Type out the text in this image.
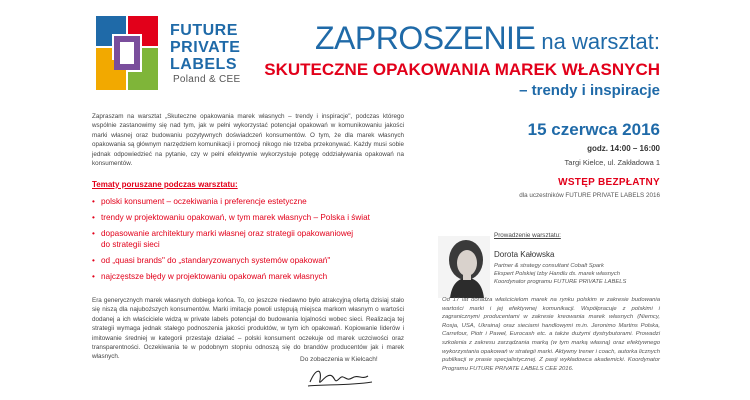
FUTURE
PRIVATE
LABELS
Poland & CEE
ZAPROSZENIE na warsztat:
SKUTECZNE OPAKOWANIA MAREK WŁASNYCH
– trendy i inspiracje
Zapraszam na warsztat „Skuteczne opakowania marek własnych – trendy i inspiracje", podczas którego wspólnie zastanowimy się nad tym, jak w pełni wykorzystać potencjał opakowań w komunikowaniu jakości marki własnej oraz budowaniu pozytywnych doświadczeń konsumentów. O tym, że dla marek własnych opakowania są głównym narzędziem komunikacji i promocji nikogo nie trzeba przekonywać. Każdy musi sobie jednak odpowiedzieć na pytanie, czy w pełni efektywnie wykorzystuje potęgę oddziaływania opakowań na konsumentów.
Tematy poruszane podczas warsztatu:
• polski konsument – oczekiwania i preferencje estetyczne
• trendy w projektowaniu opakowań, w tym marek własnych – Polska i świat
• dopasowanie architektury marki własnej oraz strategii opakowaniowej
do strategii sieci
• od „quasi brands" do „standaryzowanych systemów opakowań"
• najczęstsze błędy w projektowaniu opakowań marek własnych
Era generycznych marek własnych dobiega końca. To, co jeszcze niedawno było atrakcyjną ofertą dzisiaj stało się niszą dla najuboższych konsumentów. Marki imitacje powoli ustępują miejsca markom własnym o wartości dodanej a ich właściciele widzą w private labels potencjał do budowania lojalności wobec sieci. Realizacja tej strategii wymaga jednak stałego podnoszenia jakości produktów, w tym ich opakowań. Kopiowanie liderów i imitowanie średniej w kategorii przestaje działać – polski konsument oczekuje od marek uczciwości oraz transparentności. Oczekiwania te w podobnym stopniu odnoszą się do brandów producentów jak i marek własnych.	Do zobaczenia w Kielcach!
15 czerwca 2016
godz. 14:00 – 16:00
Targi Kielce, ul. Zakładowa 1
WSTĘP BEZPŁATNY
dla uczestników FUTURE PRIVATE LABELS 2016
Prowadzenie warsztatu:
Dorota Kałowska
Partner & strategy consultant Cobalt Spark
Ekspert Polskiej Izby Handlu ds. marek własnych
Koordynator programu FUTURE PRIVATE LABELS
Od 17 lat doradza właścicielom marek na rynku polskim w zakresie budowania wartości marki i jej efektywnej komunikacji. Współpracuje z polskimi i zagranicznymi producentami w zakresie kreowania marek własnych (Niemcy, Rosja, USA, Ukraina) oraz sieciami handlowymi m.in. Jeronimo Martins Polska, Carrefour, Piotr i Paweł, Eurocash etc. a także dużymi dystrybutorami. Prowadzi szkolenia z zakresu zarządzania marką (w tym marką własną) oraz efektywnego wykorzystania opakowań w strategii marki. Aktywny trener i coach, autorka licznych publikacji w prasie specjalistycznej. Z pasji wykładowca akademicki. Koordynator Programu FUTURE PRIVATE LABELS CEE 2016.
